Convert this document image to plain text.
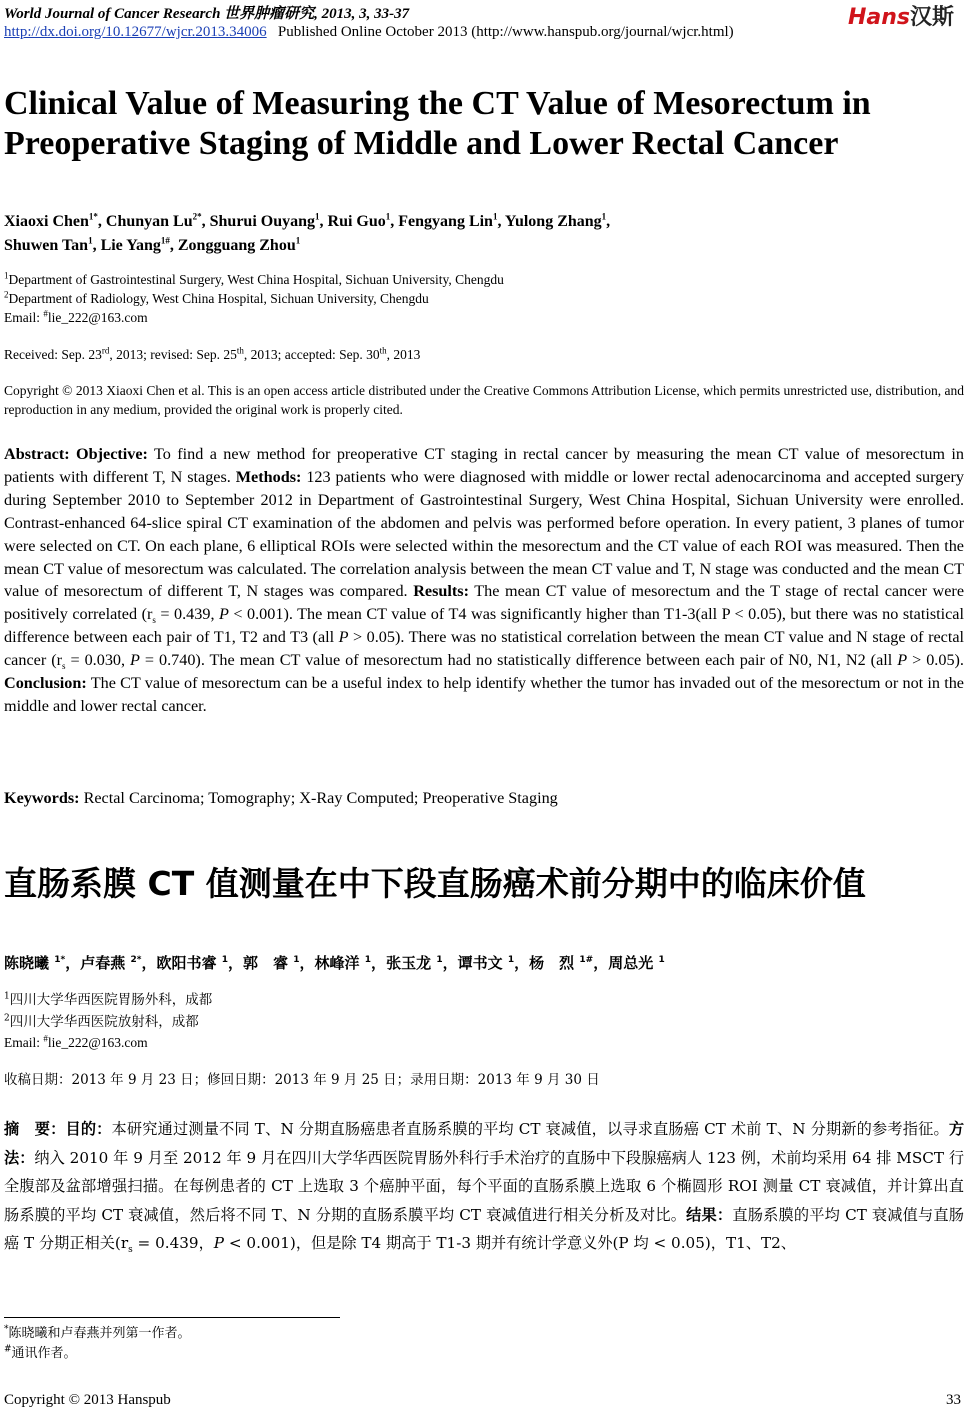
World Journal of Cancer Research 世界肿瘤研究, 2013, 3, 33-37
http://dx.doi.org/10.12677/wjcr.2013.34006 Published Online October 2013 (http://www.hanspub.org/journal/wjcr.html)
Hans汉斯
Clinical Value of Measuring the CT Value of Mesorectum in Preoperative Staging of Middle and Lower Rectal Cancer
Xiaoxi Chen$^{1*}$, Chunyan $Lu^{2*}$, Shurui Ouyang$^1$, Rui Guo$^1$, Fengyang Lin$^1$, Yulong Zhang$^1$,
Shuwen Tan$^1$, Lie Yang$^{1\#}$, Zongguang Zhou$^1$
$^1$Department of Gastrointestinal Surgery, West China Hospital, Sichuan University, Chengdu
$^2$Department of Radiology, West China Hospital, Sichuan University, Chengdu
Email: #lie_222@163.com
Received: Sep. 23rd, 2013; revised: Sep. 25th, 2013; accepted: Sep. 30th, 2013
Copyright © 2013 Xiaoxi Chen et al. This is an open access article distributed under the Creative Commons Attribution License, which permits unrestricted use, distribution, and reproduction in any medium, provided the original work is properly cited.
Abstract: Objective: To find a new method for preoperative CT staging in rectal cancer by measuring the mean CT value of mesorectum in patients with different T, N stages. Methods: 123 patients who were diagnosed with middle or lower rectal adenocarcinoma and accepted surgery during September 2010 to September 2012 in Department of Gastrointestinal Surgery, West China Hospital, Sichuan University were enrolled. Contrast-enhanced 64-slice spiral CT examination of the abdomen and pelvis was performed before operation. In every patient, 3 planes of tumor were selected on CT. On each plane, 6 elliptical ROIs were selected within the mesorectum and the CT value of each ROI was measured. Then the mean CT value of mesorectum was calculated. The correlation analysis between the mean CT value and T, N stage was conducted and the mean CT value of mesorectum of different T, N stages was compared. Results: The mean CT value of mesorectum and the T stage of rectal cancer were positively correlated ($r_s = 0.439$, P < 0.001). The mean CT value of T4 was significantly higher than T1-3(all P < 0.05), but there was no statistical difference between each pair of T1, T2 and T3 (all P > 0.05). There was no statistical correlation between the mean CT value and N stage of rectal cancer ($r_s = 0.030$, P = 0.740). The mean CT value of mesorectum had no statistically difference between each pair of N0, N1, N2 (all P > 0.05). Conclusion: The CT value of mesorectum can be a useful index to help identify whether the tumor has invaded out of the mesorectum or not in the middle and lower rectal cancer.
Keywords: Rectal Carcinoma; Tomography; X-Ray Computed; Preoperative Staging
直肠系膜 CT 值测量在中下段直肠癌术前分期中的临床价值
陈晓曦 $^{1*}$，卢春燕 $^{2*}$，欧阳书睿 $^1$，郭　睿 $^1$，林峰洋 $^1$，张玉龙 $^1$，谭书文 $^1$，杨　烈 $^{1\#}$，周总光 $^1$
$^1$四川大学华西医院胃肠外科，成都
$^2$四川大学华西医院放射科，成都
Email: #lie_222@163.com
收稿日期：2013 年 9 月 23 日；修回日期：2013 年 9 月 25 日；录用日期：2013 年 9 月 30 日
摘　要：目的：本研究通过测量不同 T、N 分期直肠癌患者直肠系膜的平均 CT 衰减值，以寻求直肠癌 CT 术前 T、N 分期新的参考指征。方法：纳入 2010 年 9 月至 2012 年 9 月在四川大学华西医院胃肠外科行手术治疗的直肠中下段腺癌病人 123 例，术前均采用 64 排 MSCT 行全腹部及盆部增强扫描。在每例患者的 CT 上选取 3 个癌肿平面，每个平面的直肠系膜上选取 6 个椭圆形 ROI 测量 CT 衰减值，并计算出直肠系膜的平均 CT 衰减值，然后将不同 T、N 分期的直肠系膜平均 CT 衰减值进行相关分析及对比。结果：直肠系膜的平均 CT 衰减值与直肠癌 T 分期正相关($r_s = 0.439$，P < 0.001)，但是除 T4 期高于 T1-3 期并有统计学意义外(P 均 < 0.05)，T1、T2、
*陈晓曦和卢春燕并列第一作者。
#通讯作者。
Copyright © 2013 Hanspub	33
